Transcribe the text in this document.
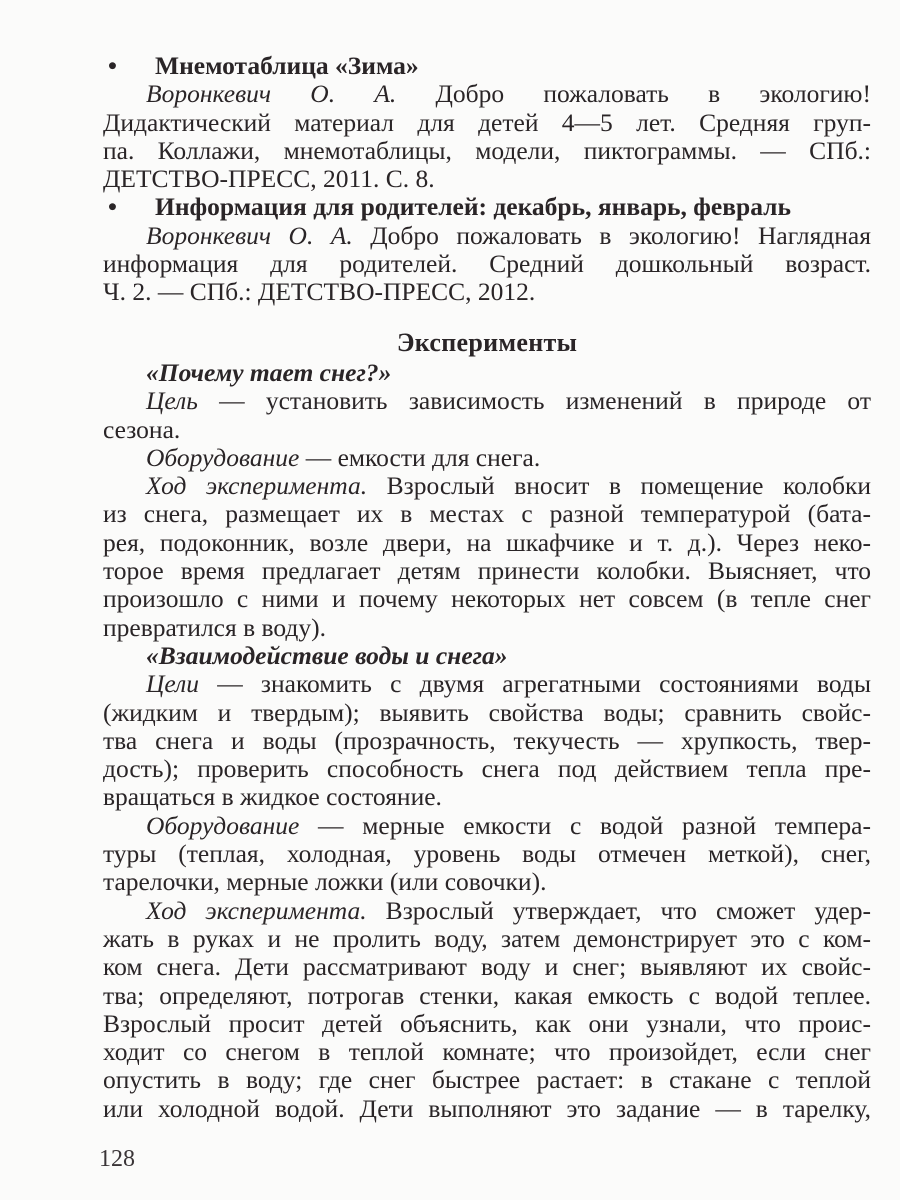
• Мнемотаблица «Зима»
Воронкевич О. А. Добро пожаловать в экологию!
Дидактический материал для детей 4—5 лет. Средняя груп-
па. Коллажи, мнемотаблицы, модели, пиктограммы. — СПб.:
ДЕТСТВО-ПРЕСС, 2011. С. 8.
• Информация для родителей: декабрь, январь, февраль
Воронкевич О. А. Добро пожаловать в экологию! Наглядная
информация для родителей. Средний дошкольный возраст.
Ч. 2. — СПб.: ДЕТСТВО-ПРЕСС, 2012.
Эксперименты
«Почему тает снег?»
Цель — установить зависимость изменений в природе от
сезона.
Оборудование — емкости для снега.
Ход эксперимента. Взрослый вносит в помещение колобки
из снега, размещает их в местах с разной температурой (бата-
рея, подоконник, возле двери, на шкафчике и т. д.). Через неко-
торое время предлагает детям принести колобки. Выясняет, что
произошло с ними и почему некоторых нет совсем (в тепле снег
превратился в воду).
«Взаимодействие воды и снега»
Цели — знакомить с двумя агрегатными состояниями воды
(жидким и твердым); выявить свойства воды; сравнить свойс-
тва снега и воды (прозрачность, текучесть — хрупкость, твер-
дость); проверить способность снега под действием тепла пре-
вращаться в жидкое состояние.
Оборудование — мерные емкости с водой разной темпера-
туры (теплая, холодная, уровень воды отмечен меткой), снег,
тарелочки, мерные ложки (или совочки).
Ход эксперимента. Взрослый утверждает, что сможет удер-
жать в руках и не пролить воду, затем демонстрирует это с ком-
ком снега. Дети рассматривают воду и снег; выявляют их свойс-
тва; определяют, потрогав стенки, какая емкость с водой теплее.
Взрослый просит детей объяснить, как они узнали, что проис-
ходит со снегом в теплой комнате; что произойдет, если снег
опустить в воду; где снег быстрее растает: в стакане с теплой
или холодной водой. Дети выполняют это задание — в тарелку,
128
